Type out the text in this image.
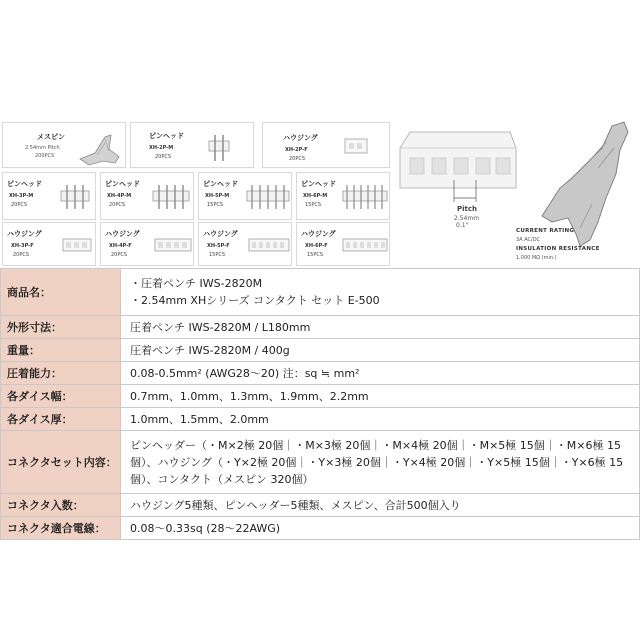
メスピン
2.54mm Pitch
200PCS
ピンヘッド
XH-2P-M
20PCS
ハウジング
XH-2P-F
20PCS
ピンヘッド
XH-3P-M
20PCS
ピンヘッド
XH-4P-M
20PCS
ピンヘッド
XH-5P-M
15PCS
ピンヘッド
XH-6P-M
15PCS
ハウジング
XH-3P-F
20PCS
ハウジング
XH-4P-F
20PCS
ハウジング
XH-5P-F
15PCS
ハウジング
XH-6P-F
15PCS
Pitch
2.54mm
0.1"
CURRENT RATING
3A AC/DC
INSULATION RESISTANCE
1,000 MΩ (min.)
商品名：	・圧着ペンチ IWS-2820M
・2.54mm XHシリーズ コンタクト セット E-500

外形寸法：	圧着ペンチ IWS-2820M / L180mm
重量：	圧着ペンチ IWS-2820M / 400g
圧着能力：	0.08-0.5mm² (AWG28～20) 注：sq ≒ mm²
各ダイス幅：	0.7mm、1.0mm、1.3mm、1.9mm、2.2mm
各ダイス厚：	1.0mm、1.5mm、2.0mm
コネクタセット内容：	ピンヘッダー（・M×2極 20個｜・M×3極 20個｜・M×4極 20個｜・M×5極 15個｜・M×6極 15個）、ハウジング（・Y×2極 20個｜・Y×3極 20個｜・Y×4極 20個｜・Y×5極 15個｜・Y×6極 15個）、コンタクト（メスピン 320個）
コネクタ入数：	ハウジング5種類、ピンヘッダー5種類、メスピン、合計500個入り
コネクタ適合電線：	0.08～0.33sq (28～22AWG)
